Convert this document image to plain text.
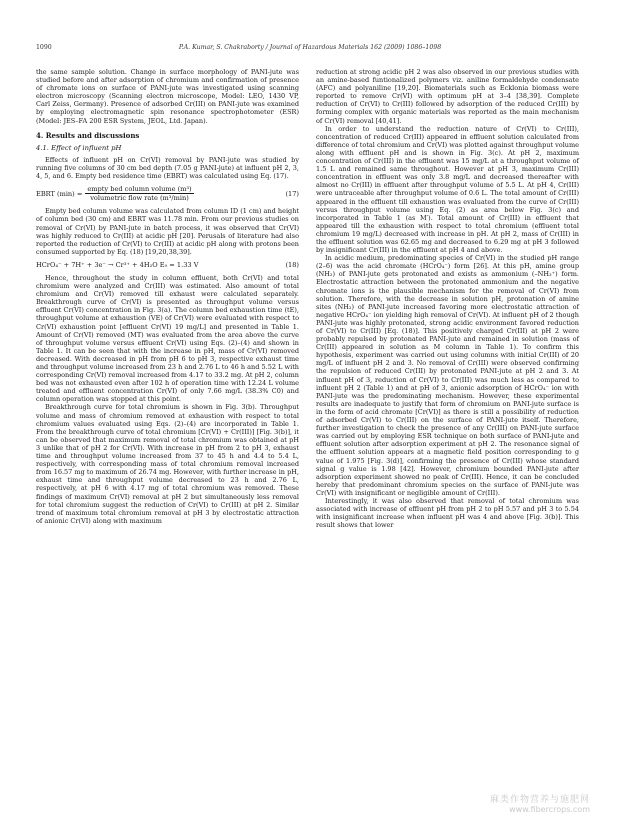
1090	P.A. Kumar, S. Chakraborty / Journal of Hazardous Materials 162 (2009) 1086–1098

the same sample solution. Change in surface morphology of PANI-jute was studied before and after adsorption of chromium and confirmation of presence of chromate ions on surface of PANI-jute was investigated using scanning electron microscopy (Scanning electron microscope, Model: LEO, 1430 VP, Carl Zeiss, Germany). Presence of adsorbed Cr(III) on PANI-jute was examined by employing electromagnetic spin resonance spectrophotometer (ESR) (Model: JES–FA 200 ESR System, JEOL, Ltd. Japan).

4. Results and discussions
4.1. Effect of influent pH

Effects of influent pH on Cr(VI) removal by PANI-jute was studied by running five columns of 30 cm bed depth (7.05 g PANI-jute) at influent pH 2, 3, 4, 5, and 6. Empty bed residence time (EBRT) was calculated using Eq. (17).

EBRT $(\min) = \frac{\text{empty bed column volume (m³)}}{\text{volumetric flow rate (m³/min)}}$	(17)

Empty bed column volume was calculated from column ID (1 cm) and height of column bed (30 cm) and EBRT was 11.78 min. From our previous studies on removal of Cr(VI) by PANI-jute in batch process, it was observed that Cr(VI) was highly reduced to Cr(III) at acidic pH [20]. Perusals of literature had also reported the reduction of Cr(VI) to Cr(III) at acidic pH along with protons been consumed supported by Eq. (18) [19,20,38,39].

HCrO₄⁻ + 7H⁺ + 3e⁻ → Cr³⁺ + 4H₂O E₀ = 1.33 V	(18)

Hence, throughout the study in column effluent, both Cr(VI) and total chromium were analyzed and Cr(III) was estimated. Also amount of total chromium and Cr(VI) removed till exhaust were calculated separately. Breakthrough curve of Cr(VI) is presented as throughput volume versus effluent Cr(VI) concentration in Fig. 3(a). The column bed exhaustion time (tE), throughput volume at exhaustion (VE) of Cr(VI) were evaluated with respect to Cr(VI) exhaustion point [effluent Cr(VI) 19 mg/L] and presented in Table 1. Amount of Cr(VI) removed (MT) was evaluated from the area above the curve of throughput volume versus effluent Cr(VI) using Eqs. (2)–(4) and shown in Table 1. It can be seen that with the increase in pH, mass of Cr(VI) removed decreased. With decreased in pH from pH 6 to pH 3, respective exhaust time and throughput volume increased from 23 h and 2.76 L to 46 h and 5.52 L with corresponding Cr(VI) removal increased from 4.17 to 33.2 mg. At pH 2, column bed was not exhausted even after 102 h of operation time with 12.24 L volume treated and effluent concentration Cr(VI) of only 7.66 mg/L (38.3% C0) and column operation was stopped at this point.

Breakthrough curve for total chromium is shown in Fig. 3(b). Throughput volume and mass of chromium removed at exhaustion with respect to total chromium values evaluated using Eqs. (2)–(4) are incorporated in Table 1. From the breakthrough curve of total chromium [Cr(VI) + Cr(III)] [Fig. 3(b)], it can be observed that maximum removal of total chromium was obtained at pH 3 unlike that of pH 2 for Cr(VI). With increase in pH from 2 to pH 3, exhaust time and throughput volume increased from 37 to 45 h and 4.4 to 5.4 L, respectively, with corresponding mass of total chromium removal increased from 16.57 mg to maximum of 26.74 mg. However, with further increase in pH, exhaust time and throughput volume decreased to 23 h and 2.76 L, respectively, at pH 6 with 4.17 mg of total chromium was removed. These findings of maximum Cr(VI) removal at pH 2 but simultaneously less removal for total chromium suggest the reduction of Cr(VI) to Cr(III) at pH 2. Similar trend of maximum total chromium removal at pH 3 by electrostatic attraction of anionic Cr(VI) along with maximum

reduction at strong acidic pH 2 was also observed in our previous studies with an amine-based funtionalized polymers viz. aniline formaldehyde condensate (AFC) and polyaniline [19,20]. Biomaterials such as Ecklonia biomass were reported to remove Cr(VI) with optimum pH at 3–4 [38,39]. Complete reduction of Cr(VI) to Cr(III) followed by adsorption of the reduced Cr(III) by forming complex with organic materials was reported as the main mechanism of Cr(VI) removal [40,41].

In order to understand the reduction nature of Cr(VI) to Cr(III), concentration of reduced Cr(III) appeared in effluent solution calculated from difference of total chromium and Cr(VI) was plotted against throughput volume along with effluent pH and is shown in Fig. 3(c). At pH 2, maximum concentration of Cr(III) in the effluent was 15 mg/L at a throughput volume of 1.5 L and remained same throughout. However at pH 3, maximum Cr(III) concentration in effluent was only 3.8 mg/L and decreased thereafter with almost no Cr(III) in effluent after throughput volume of 5.5 L. At pH 4, Cr(III) were untraceable after throughput volume of 0.6 L. The total amount of Cr(III) appeared in the effluent till exhaustion was evaluated from the curve of Cr(III) versus throughput volume using Eq. (2) as area below Fig. 3(c) and incorporated in Table 1 (as M′). Total amount of Cr(III) in effluent that appeared till the exhaustion with respect to total chromium (effluent total chromium 19 mg/L) decreased with increase in pH. At pH 2, mass of Cr(III) in the effluent solution was 62.65 mg and decreased to 6.29 mg at pH 3 followed by insignificant Cr(III) in the effluent at pH 4 and above.

In acidic medium, predominating species of Cr(VI) in the studied pH range (2–6) was the acid chromate (HCrO₄⁻) form [26]. At this pH, amine group (NH₂) of PANI-jute gets protonated and exists as ammonium (–NH₃⁺) form. Electrostatic attraction between the protonated ammonium and the negative chromate ions is the plausible mechanism for the removal of Cr(VI) from solution. Therefore, with the decrease in solution pH, protonation of amine sites (NH₂) of PANI-jute increased favoring more electrostatic attraction of negative HCrO₄⁻ ion yielding high removal of Cr(VI). At influent pH of 2 though PANI-jute was highly protonated, strong acidic environment favored reduction of Cr(VI) to Cr(III) [Eq. (18)]. This positively charged Cr(III) at pH 2 were probably repulsed by protonated PANI-jute and remained in solution (mass of Cr(III) appeared in solution as M column in Table 1). To confirm this hypothesis, experiment was carried out using columns with initial Cr(III) of 20 mg/L of influent pH 2 and 3. No removal of Cr(III) were observed confirming the repulsion of reduced Cr(III) by protonated PANI-jute at pH 2 and 3. At influent pH of 3, reduction of Cr(VI) to Cr(III) was much less as compared to influent pH 2 (Table 1) and at pH of 3, anionic adsorption of HCrO₄⁻ ion with PANI-jute was the predominating mechanism. However, these experimental results are inadequate to justify that form of chromium on PANI-jute surface is in the form of acid chromate [Cr(VI)] as there is still a possibility of reduction of adsorbed Cr(VI) to Cr(III) on the surface of PANI-jute itself. Therefore, further investigation to check the presence of any Cr(III) on PANI-jute surface was carried out by employing ESR technique on both surface of PANI-jute and effluent solution after adsorption experiment at pH 2. The resonance signal of the effluent solution appears at a magnetic field position corresponding to g value of 1.975 [Fig. 3(d)], confirming the presence of Cr(III) whose standard signal g value is 1.98 [42]. However, chromium bounded PANI-jute after adsorption experiment showed no peak of Cr(III). Hence, it can be concluded hereby that predominant chromium species on the surface of PANI-jute was Cr(VI) with insignificant or negligible amount of Cr(III).

Interestingly, it was also observed that removal of total chromium was associated with increase of effluent pH from pH 2 to pH 5.57 and pH 3 to 5.54 with insignificant increase when influent pH was 4 and above [Fig. 3(b)]. This result shows that lower

麻类作物营养与施肥网
www.fibercrops.com
